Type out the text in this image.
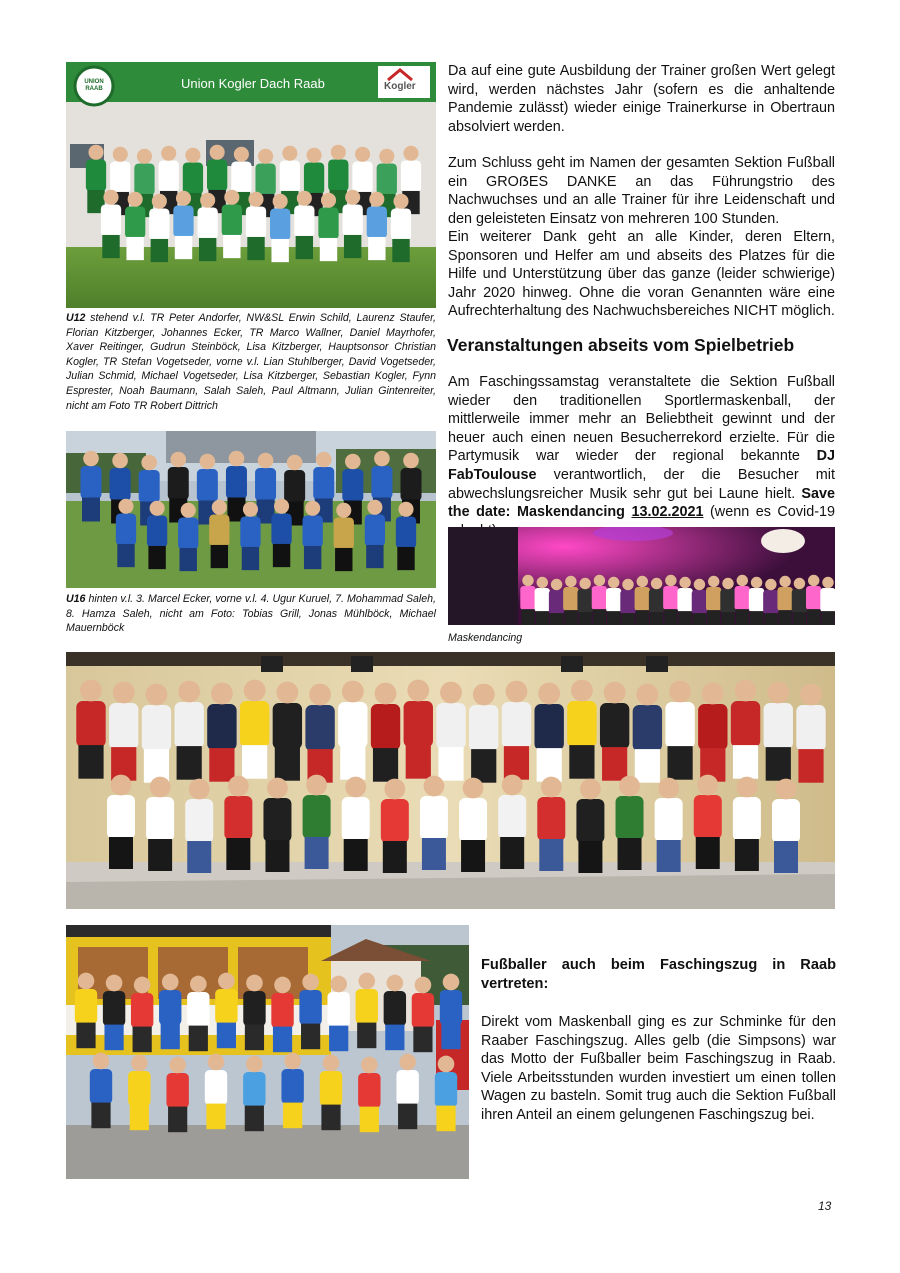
Union Kogler Dach Raab
UNION RAAB	Kogler
U12 stehend v.l. TR Peter Andorfer, NW&SL Erwin Schild, Laurenz Staufer, Florian Kitzberger, Johannes Ecker, TR Marco Wallner, Daniel Mayrhofer, Xaver Reitinger, Gudrun Steinböck, Lisa Kitzberger, Hauptsonsor Christian Kogler, TR Stefan Vogetseder, vorne v.l. Lian Stuhlberger, David Vogetseder, Julian Schmid, Michael Vogetseder, Lisa Kitzberger, Sebastian Kogler, Fynn Esprester, Noah Baumann, Salah Saleh, Paul Altmann, Julian Gintenreiter, nicht am Foto TR Robert Dittrich
U16 hinten v.l. 3. Marcel Ecker, vorne v.l. 4. Ugur Kuruel, 7. Mohammad Saleh, 8. Hamza Saleh, nicht am Foto: Tobias Grill, Jonas Mühlböck, Michael Mauernböck
Da auf eine gute Ausbildung der Trainer großen Wert gelegt wird, werden nächstes Jahr (sofern es die anhaltende Pandemie zulässt) wieder einige Trainerkurse in Obertraun absolviert werden.
Zum Schluss geht im Namen der gesamten Sektion Fußball ein GROẞES DANKE an das Führungstrio des Nachwuchses und an alle Trainer für ihre Leidenschaft und den geleisteten Einsatz von mehreren 100 Stunden.
Ein weiterer Dank geht an alle Kinder, deren Eltern, Sponsoren und Helfer am und abseits des Platzes für die Hilfe und Unterstützung über das ganze (leider schwierige) Jahr 2020 hinweg. Ohne die voran Genannten wäre eine Aufrechterhaltung des Nachwuchsbereiches NICHT möglich.
Veranstaltungen abseits vom Spielbetrieb
Am Faschingssamstag veranstaltete die Sektion Fußball wieder den traditionellen Sportlermaskenball, der mittlerweile immer mehr an Beliebtheit gewinnt und der heuer auch einen neuen Besucherrekord erzielte. Für die Partymusik war wieder der regional bekannte DJ FabToulouse verantwortlich, der die Besucher mit abwechslungsreicher Musik sehr gut bei Laune hielt. Save the date: Maskendancing 13.02.2021 (wenn es Covid-19
Maskendancing
Fußballer auch beim Faschingszug in Raab vertreten:
Direkt vom Maskenball ging es zur Schminke für den Raaber Faschingszug. Alles gelb (die Simpsons) war das Motto der Fußballer beim Faschingszug in Raab. Viele Arbeitsstunden wurden investiert um einen tollen Wagen zu basteln. Somit trug auch die Sektion Fußball ihren Anteil an einem gelungenen Faschingszug bei.
13
